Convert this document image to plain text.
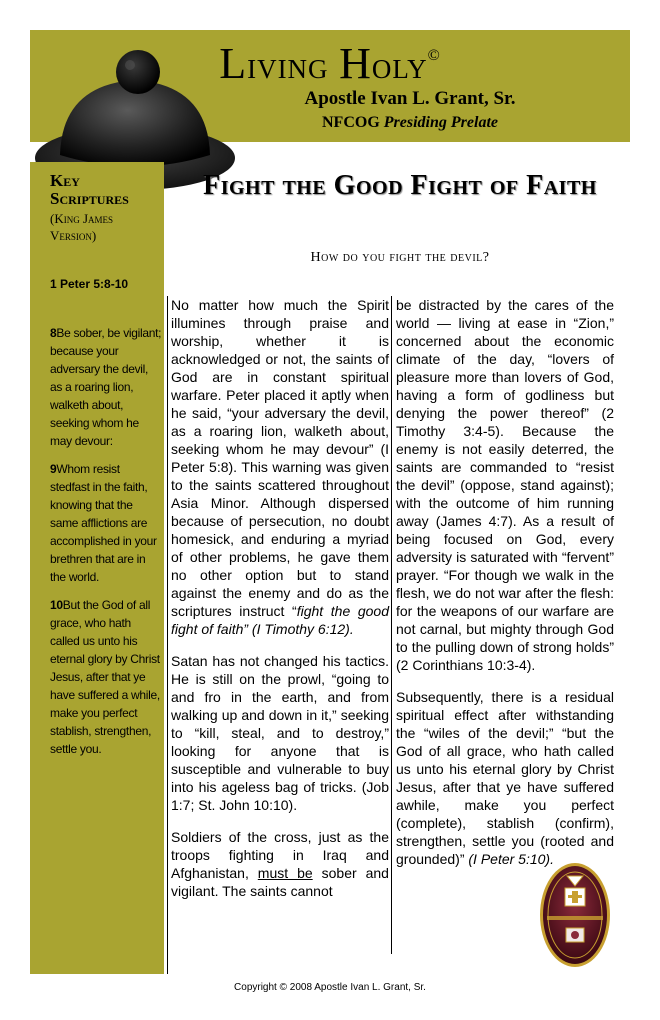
Living Holy©
Apostle Ivan L. Grant, Sr.
NFCOG Presiding Prelate
Key Scriptures
(King James Version)
1 Peter 5:8-10
8Be sober, be vigilant; because your adversary the devil, as a roaring lion, walketh about, seeking whom he may devour:
9Whom resist stedfast in the faith, knowing that the same afflictions are accomplished in your brethren that are in the world.
10But the God of all grace, who hath called us unto his eternal glory by Christ Jesus, after that ye have suffered a while, make you perfect stablish, strengthen, settle you.
Fight the Good Fight of Faith
How do you fight the devil?

No matter how much the Spirit illumines through praise and worship, whether it is acknowledged or not, the saints of God are in constant spiritual warfare. Peter placed it aptly when he said, “your adversary the devil, as a roaring lion, walketh about, seeking whom he may devour” (I Peter 5:8). This warning was given to the saints scattered throughout Asia Minor. Although dispersed because of persecution, no doubt homesick, and enduring a myriad of other problems, he gave them no other option but to stand against the enemy and do as the scriptures instruct “fight the good fight of faith” (I Timothy 6:12).

Satan has not changed his tactics. He is still on the prowl, “going to and fro in the earth, and from walking up and down in it,” seeking to “kill, steal, and to destroy,” looking for anyone that is susceptible and vulnerable to buy into his ageless bag of tricks. (Job 1:7; St. John 10:10).

Soldiers of the cross, just as the troops fighting in Iraq and Afghanistan, must be sober and vigilant. The saints cannot

be distracted by the cares of the world — living at ease in “Zion,” concerned about the economic climate of the day, “lovers of pleasure more than lovers of God, having a form of godliness but denying the power thereof” (2 Timothy 3:4-5). Because the enemy is not easily deterred, the saints are commanded to “resist the devil” (oppose, stand against); with the outcome of him running away (James 4:7). As a result of being focused on God, every adversity is saturated with “fervent” prayer. “For though we walk in the flesh, we do not war after the flesh: for the weapons of our warfare are not carnal, but mighty through God to the pulling down of strong holds” (2 Corinthians 10:3-4).

Subsequently, there is a residual spiritual effect after withstanding the “wiles of the devil;” “but the God of all grace, who hath called us unto his eternal glory by Christ Jesus, after that ye have suffered awhile, make you perfect (complete), stablish (confirm), strengthen, settle you (rooted and grounded)” (I Peter 5:10).

Copyright © 2008 Apostle Ivan L. Grant, Sr.
